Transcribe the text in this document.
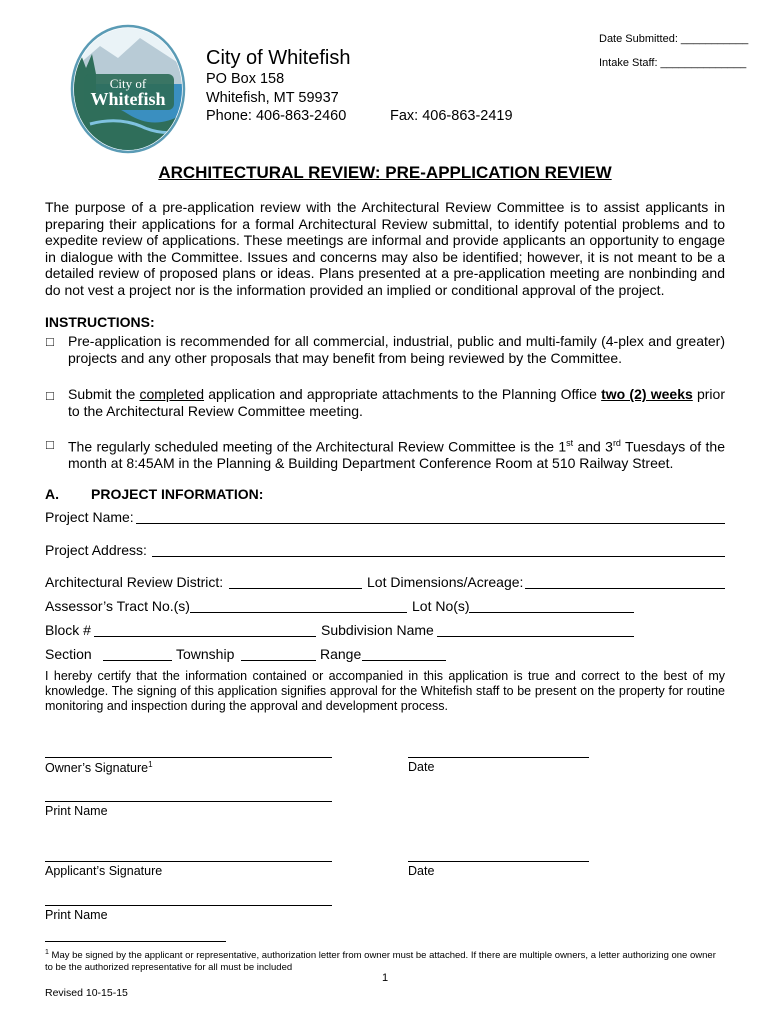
Date Submitted: ___________
Intake Staff: ______________
City of
Whitefish
City of Whitefish
PO Box 158
Whitefish, MT 59937
Phone: 406-863-2460	Fax: 406-863-2419
ARCHITECTURAL REVIEW: PRE-APPLICATION REVIEW
The purpose of a pre-application review with the Architectural Review Committee is to assist applicants in preparing their applications for a formal Architectural Review submittal, to identify potential problems and to expedite review of applications. These meetings are informal and provide applicants an opportunity to engage in dialogue with the Committee. Issues and concerns may also be identified; however, it is not meant to be a detailed review of proposed plans or ideas. Plans presented at a pre-application meeting are nonbinding and do not vest a project nor is the information provided an implied or conditional approval of the project.
INSTRUCTIONS:
□ Pre-application is recommended for all commercial, industrial, public and multi-family (4-plex and greater) projects and any other proposals that may benefit from being reviewed by the Committee.
□ Submit the completed application and appropriate attachments to the Planning Office two (2) weeks prior to the Architectural Review Committee meeting.
□ The regularly scheduled meeting of the Architectural Review Committee is the 1st and 3rd Tuesdays of the month at 8:45AM in the Planning & Building Department Conference Room at 510 Railway Street.
A. PROJECT INFORMATION:
Project Name:
Project Address:
Architectural Review District:	Lot Dimensions/Acreage:
Assessor’s Tract No.(s)	Lot No(s)
Block #	Subdivision Name
Section	Township	Range
I hereby certify that the information contained or accompanied in this application is true and correct to the best of my knowledge. The signing of this application signifies approval for the Whitefish staff to be present on the property for routine monitoring and inspection during the approval and development process.
Owner’s Signature$^1$	Date
Print Name
Applicant’s Signature	Date
Print Name
$^1$ May be signed by the applicant or representative, authorization letter from owner must be attached. If there are multiple owners, a letter authorizing one owner to be the authorized representative for all must be included
1
Revised 10-15-15
